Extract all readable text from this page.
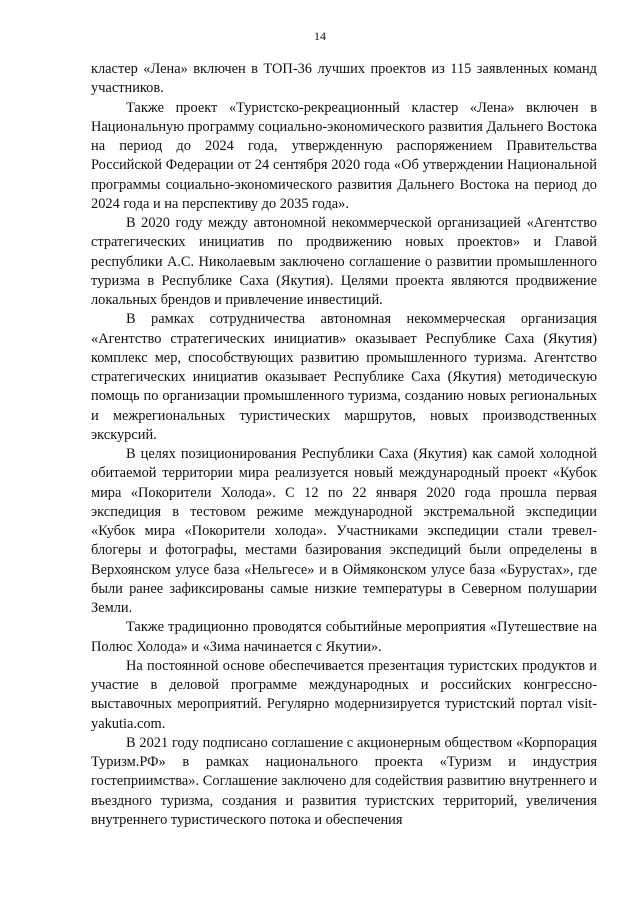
14

кластер «Лена» включен в ТОП-36 лучших проектов из 115 заявленных команд участников.

Также проект «Туристско-рекреационный кластер «Лена» включен в Национальную программу социально-экономического развития Дальнего Востока на период до 2024 года, утвержденную распоряжением Правительства Российской Федерации от 24 сентября 2020 года «Об утверждении Национальной программы социально-экономического развития Дальнего Востока на период до 2024 года и на перспективу до 2035 года».

В 2020 году между автономной некоммерческой организацией «Агентство стратегических инициатив по продвижению новых проектов» и Главой республики А.С. Николаевым заключено соглашение о развитии промышленного туризма в Республике Саха (Якутия). Целями проекта являются продвижение локальных брендов и привлечение инвестиций.

В рамках сотрудничества автономная некоммерческая организация «Агентство стратегических инициатив» оказывает Республике Саха (Якутия) комплекс мер, способствующих развитию промышленного туризма. Агентство стратегических инициатив оказывает Республике Саха (Якутия) методическую помощь по организации промышленного туризма, созданию новых региональных и межрегиональных туристических маршрутов, новых производственных экскурсий.

В целях позиционирования Республики Саха (Якутия) как самой холодной обитаемой территории мира реализуется новый международный проект «Кубок мира «Покорители Холода». С 12 по 22 января 2020 года прошла первая экспедиция в тестовом режиме международной экстремальной экспедиции «Кубок мира «Покорители холода». Участниками экспедиции стали тревел-блогеры и фотографы, местами базирования экспедиций были определены в Верхоянском улусе база «Нельгесе» и в Оймяконском улусе база «Бурустах», где были ранее зафиксированы самые низкие температуры в Северном полушарии Земли.

Также традиционно проводятся событийные мероприятия «Путешествие на Полюс Холода» и «Зима начинается с Якутии».

На постоянной основе обеспечивается презентация туристских продуктов и участие в деловой программе международных и российских конгрессно-выставочных мероприятий. Регулярно модернизируется туристский портал visit-yakutia.com.

В 2021 году подписано соглашение с акционерным обществом «Корпорация Туризм.РФ» в рамках национального проекта «Туризм и индустрия гостеприимства». Соглашение заключено для содействия развитию внутреннего и въездного туризма, создания и развития туристских территорий, увеличения внутреннего туристического потока и обеспечения
